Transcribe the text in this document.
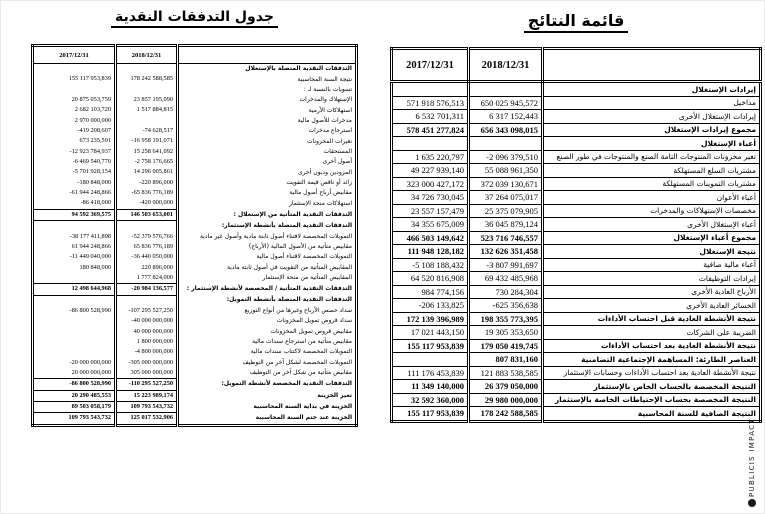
جدول التدفقات النقدية
2017/12/31	2018/12/31	
		التدفقات النقدية المتصلة بالإستغلال
155 117 953,839	178 242 588,585	نتيجة السنة المحاسبية
		تسويات بالنسبة لـ :
20 875 053,759	23 857 195,090	الإستهلاك والمدخرات
2 682 103,720	1 517 884,815	استهلاكات الأرمية
2 970 000,000		مدخرات للأصول مالية
-419 208,607	-74 628,517	استرجاع مدخرات
673 235,591	-16 958 191,071	تغيرات المخزونات
-12 923 784,937	15 258 641,092	المستحقات
-6 469 540,770	-2 758 176,665	أصول أخرى
-5 701 928,154	14 296 005,861	المزودين وديون أخرى
-180 848,000	-220 896,000	زائد أو ناقص قيمة التفويت
-61 944 248,866	-65 836 776,189	مقابيض أرباح أصول مالية
-86 418,000	-420 000,000	استهلاكات منحة الإستثمار
94 592 369,575	146 503 653,001	التدفقات النقدية المتأتية من الإستغلال :
		التدفقات النقدية المتصلة بأنشطة الإستثمار:
-38 177 411,898	-52 379 576,766	التمويلات المخصصة لاقتناء أصول ثابتة مادية وأصول غير مادية
61 944 248,866	65 836 776,189	مقابيض متأتية من الأصول المالية (الأرباح)
-11 449 040,000	-36 440 050,000	التمويلات المخصصة لاقتناء أصول مالية
180 848,000	220 896,000	المقابيض المتأتية من التفويت في أصول ثابتة مادية
	1 777 824,000	المقابيض المتأتية من منحة الإستثمار
12 498 644,968	-20 984 136,577	التدفقات النقدية المتأتية / المخصصة لأنشطة الإستثمار :
		التدفقات النقدية المتصلة بأنشطة التمويل:
-86 800 528,990	-107 295 527,250	سداد حصص الأرباح وغيرها من أنواع التوزيع
	-40 000 000,000	سداد قروض تمويل المخزونات
	40 000 000,000	مقابيض قروض تمويل المخزونات
	1 800 000,000	مقابيض متأتية من استرجاع سندات مالية
	-4 800 000,000	التمويلات المخصصة لاكتتاب سندات مالية
-20 000 000,000	-305 000 000,000	التمويلات المخصصة لشكل آخر من التوظيف
20 000 000,000	305 000 000,000	مقابيض متأتية من شكل آخر من التوظيف
-86 800 528,990	-110 295 527,250	التدفقات النقدية المخصصة لأنشطة التمويل:
20 290 485,553	15 223 989,174	تغير الخزينة
89 503 058,179	109 793 543,732	الخزينة في بداية السنة المحاسبية
109 793 543,732	125 017 532,906	الخزينة عند ختم السنة المحاسبية
قائمة النتائج
2017/12/31	2018/12/31	
		إيرادات الإستغلال
571 918 576,513	650 025 945,572	مداخيل
6 532 701,311	6 317 152,443	إيرادات الإستغلال الأخرى
578 451 277,824	656 343 098,015	مجموع إيرادات الإستغلال
		أعباء الإستغلال
1 635 220,797	-2 096 379,510	تغير مخزونات المنتوجات التامة الصنع والمنتوجات في طور الصنع
49 227 939,140	55 088 961,350	مشتريات السلع المستهلكة
323 000 427,172	372 039 130,671	مشتريات التموينات المستهلكة
34 726 730,045	37 264 075,017	أعباء الأعوان
23 557 157,479	25 375 079,905	مخصصات الإستهلاكات والمدخرات
34 355 675,009	36 045 879,124	أعباء الإستغلال الأخرى
466 503 149,642	523 716 746,557	مجموع أعباء الإستغلال
111 948 128,182	132 626 351,458	نتيجة الإستغلال
-5 108 188,432	-3 807 991,697	أعباء مالية صافية
64 520 816,908	69 432 485,968	إيرادات التوظيفات
984 774,156	730 284,304	الأرباح العادية الأخرى
-206 133,825	-625 356,638	الخسائر العادية الأخرى
172 139 396,989	198 355 773,395	نتيجة الأنشطة العادية قبل احتساب الأداءات
17 021 443,150	19 305 353,650	الضريبة على الشركات
155 117 953,839	179 050 419,745	نتيجة الأنشطة العادية بعد احتساب الأداءات
	807 831,160	العناصر الطارئة: المساهمة الإجتماعية التضامنية
111 176 453,839	121 883 538,585	نتيجة الأنشطة العادية بعد احتساب الأداءات وحسابات الإستثمار
11 349 140,000	26 379 050,000	النتيجة المخصصة بالحساب الخاص بالإستثمار
32 592 360,000	29 980 000,000	النتيجة المخصصة بحساب الإحتياطات الخاصة بالإستثمار
155 117 953,839	178 242 588,585	النتيجة الصافية للسنة المحاسبية
PUBLICIS IMPACT
